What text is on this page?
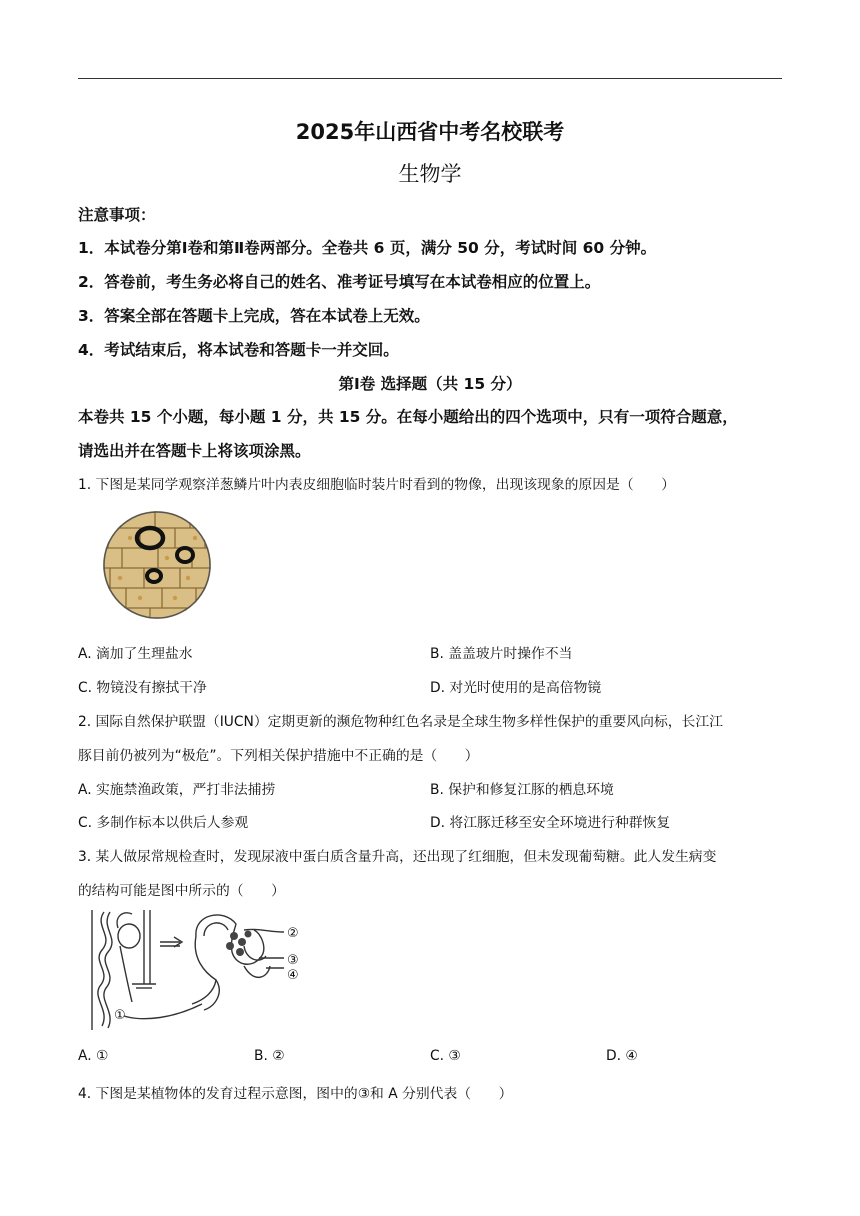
2025年山西省中考名校联考
生物学
注意事项：
1．本试卷分第Ⅰ卷和第Ⅱ卷两部分。全卷共 6 页，满分 50 分，考试时间 60 分钟。
2．答卷前，考生务必将自己的姓名、准考证号填写在本试卷相应的位置上。
3．答案全部在答题卡上完成，答在本试卷上无效。
4．考试结束后，将本试卷和答题卡一并交回。
第Ⅰ卷 选择题（共 15 分）
本卷共 15 个小题，每小题 1 分，共 15 分。在每小题给出的四个选项中，只有一项符合题意，
请选出并在答题卡上将该项涂黑。
1. 下图是某同学观察洋葱鳞片叶内表皮细胞临时装片时看到的物像，出现该现象的原因是（　　）
A. 滴加了生理盐水	B. 盖盖玻片时操作不当
C. 物镜没有擦拭干净	D. 对光时使用的是高倍物镜
2. 国际自然保护联盟（IUCN）定期更新的濒危物种红色名录是全球生物多样性保护的重要风向标，长江江
豚目前仍被列为“极危”。下列相关保护措施中不正确的是（　　）
A. 实施禁渔政策，严打非法捕捞	B. 保护和修复江豚的栖息环境
C. 多制作标本以供后人参观	D. 将江豚迁移至安全环境进行种群恢复
3. 某人做尿常规检查时，发现尿液中蛋白质含量升高，还出现了红细胞，但未发现葡萄糖。此人发生病变
的结构可能是图中所示的（　　）
②
③
④
①
A. ①	B. ②	C. ③	D. ④
4. 下图是某植物体的发育过程示意图，图中的③和 A 分别代表（　　）
